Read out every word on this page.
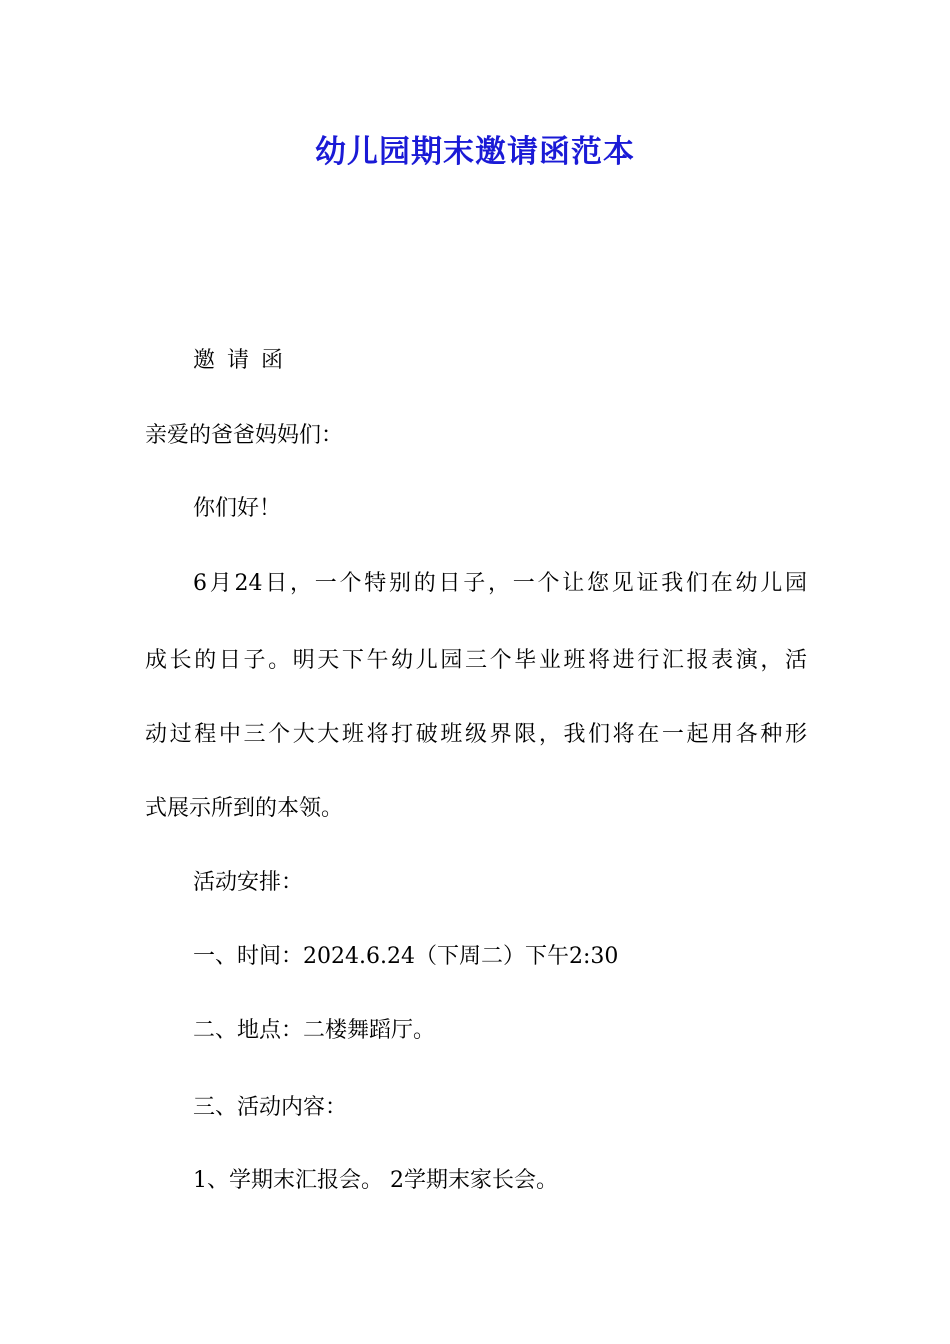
幼儿园期末邀请函范本
邀请函
亲爱的爸爸妈妈们：
你们好！
6月24日，一个特别的日子，一个让您见证我们在幼儿园
成长的日子。明天下午幼儿园三个毕业班将进行汇报表演，活
动过程中三个大大班将打破班级界限，我们将在一起用各种形
式展示所到的本领。
活动安排：
一、时间：2024.6.24（下周二）下午2:30
二、地点：二楼舞蹈厅。
三、活动内容：
1、学期末汇报会。 2学期末家长会。
